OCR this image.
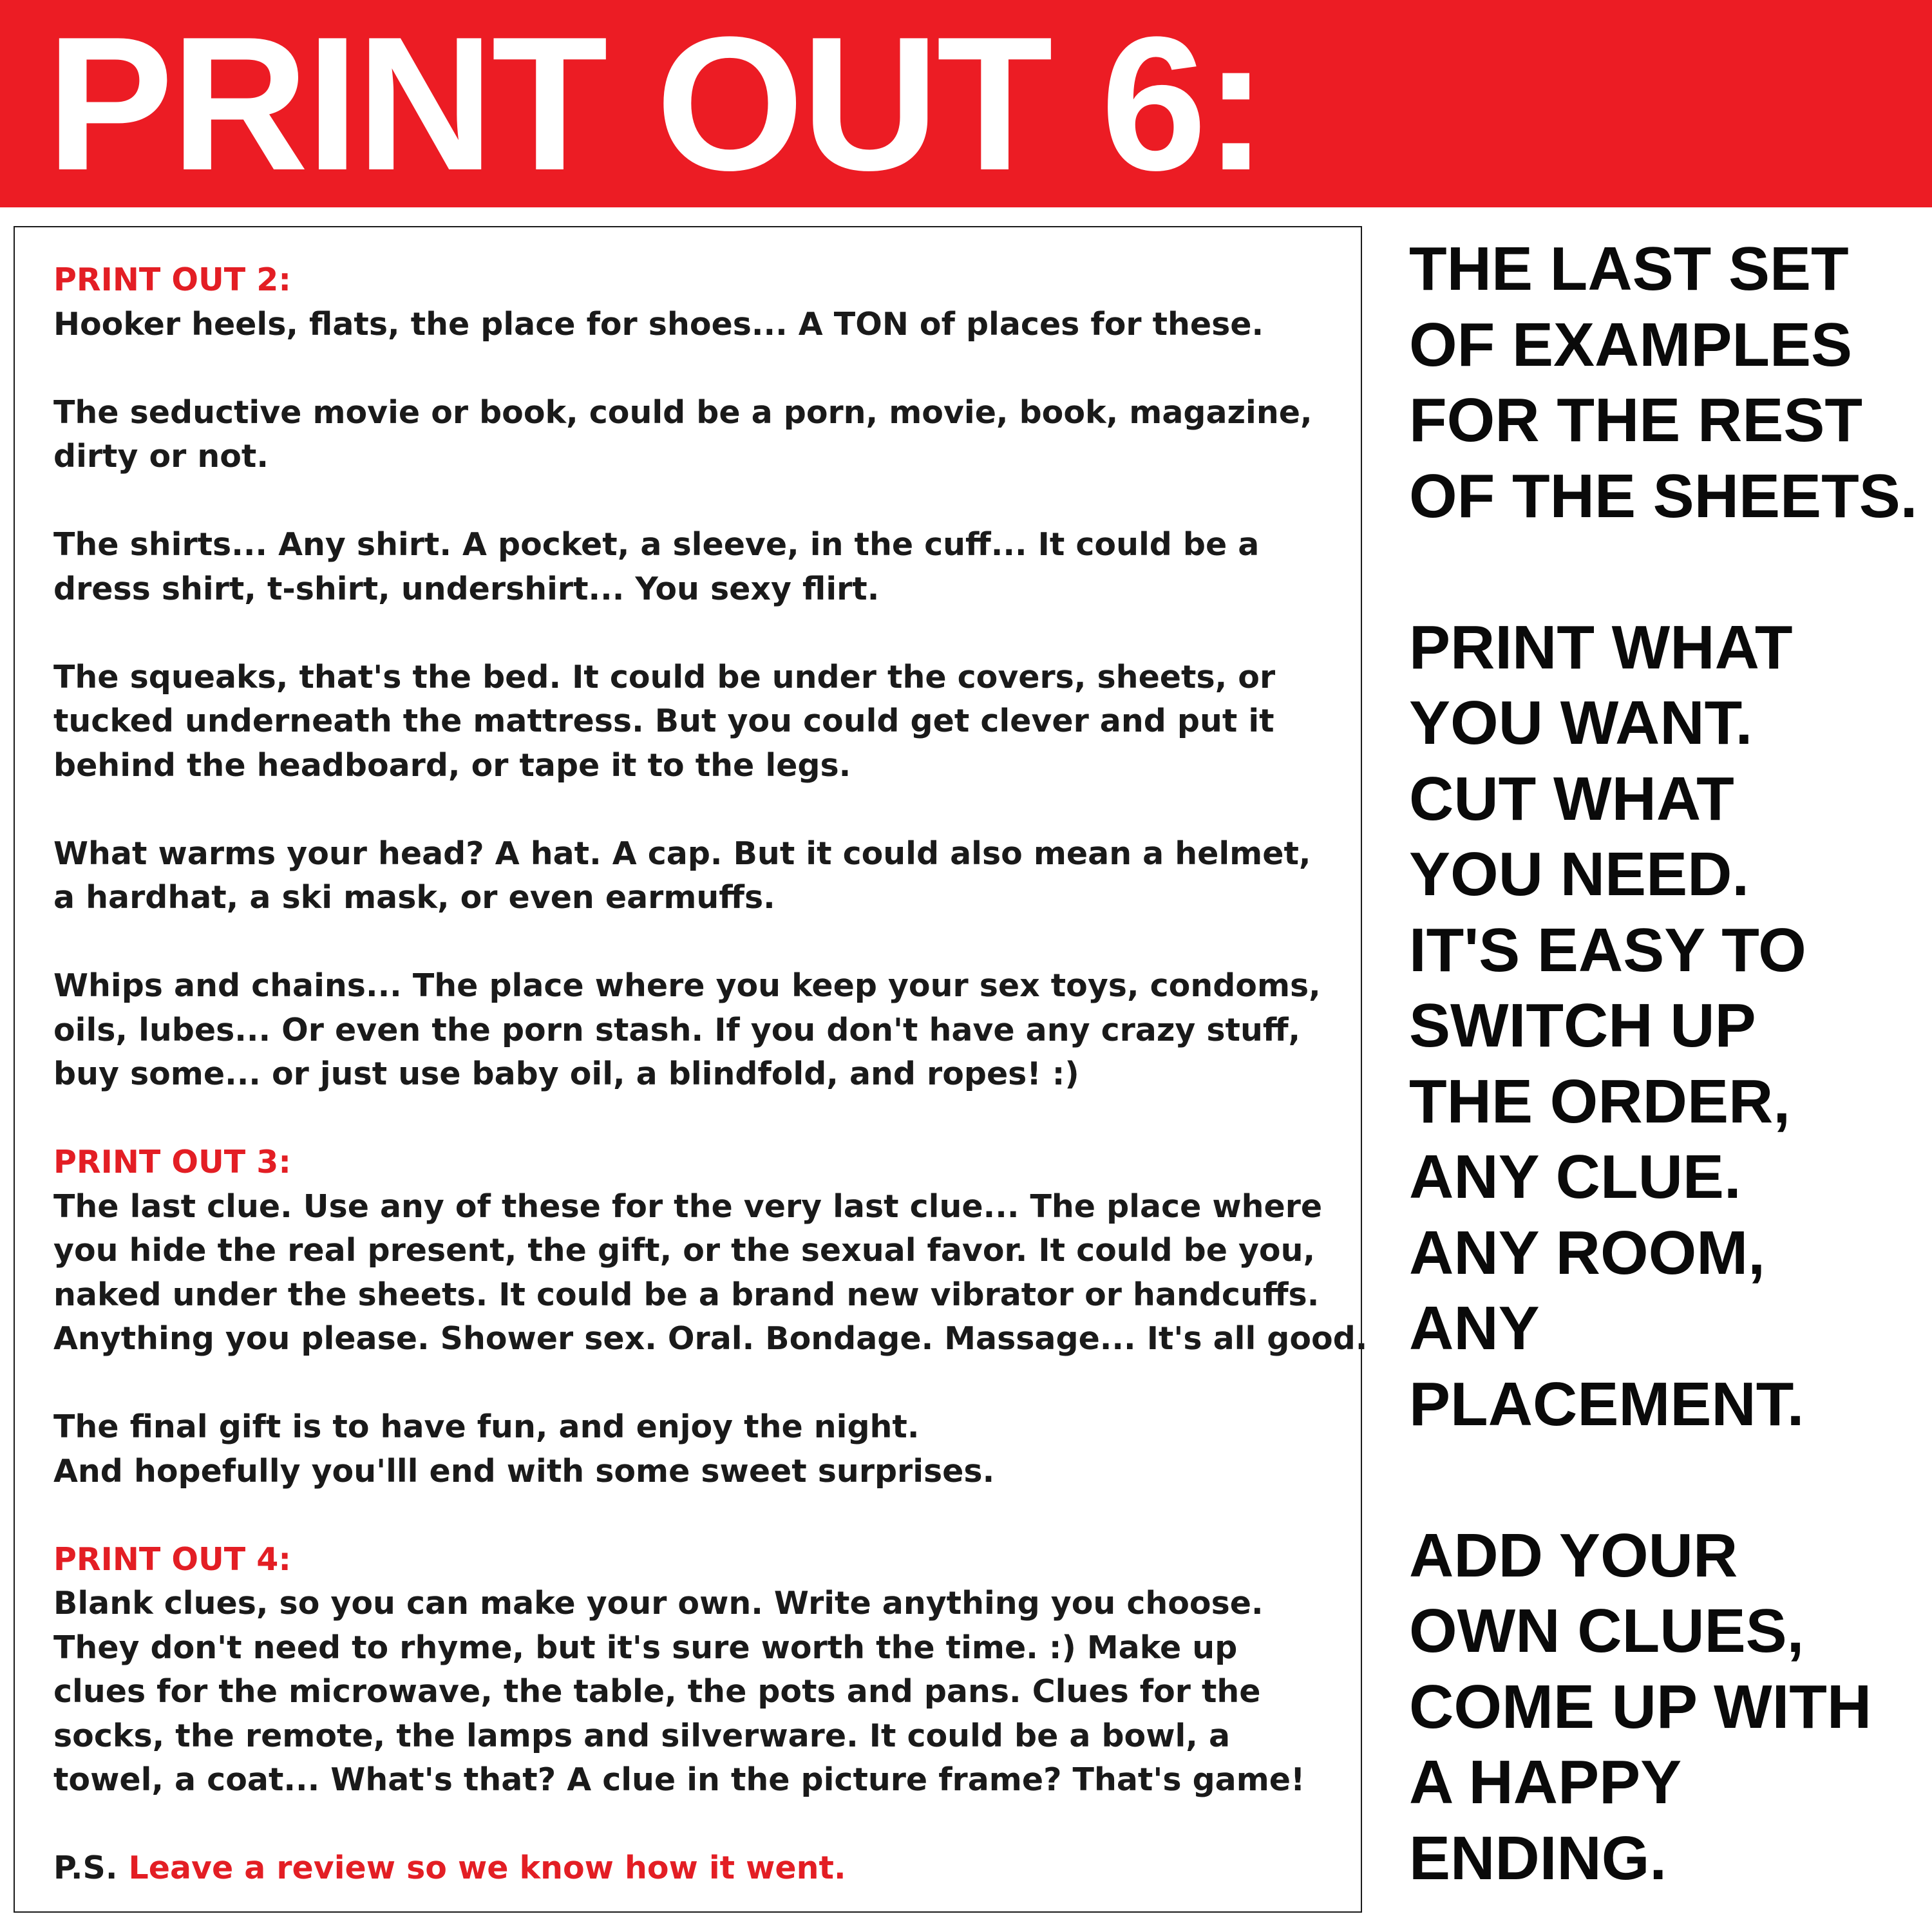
PRINT OUT 6:
PRINT OUT 2:
Hooker heels, flats, the place for shoes... A TON of places for these.
The seductive movie or book, could be a porn, movie, book, magazine,
dirty or not.
The shirts... Any shirt. A pocket, a sleeve, in the cuff... It could be a
dress shirt, t-shirt, undershirt... You sexy flirt.
The squeaks, that's the bed. It could be under the covers, sheets, or
tucked underneath the mattress. But you could get clever and put it
behind the headboard, or tape it to the legs.
What warms your head? A hat. A cap. But it could also mean a helmet,
a hardhat, a ski mask, or even earmuffs.
Whips and chains... The place where you keep your sex toys, condoms,
oils, lubes... Or even the porn stash. If you don't have any crazy stuff,
buy some... or just use baby oil, a blindfold, and ropes! :)
PRINT OUT 3:
The last clue. Use any of these for the very last clue... The place where
you hide the real present, the gift, or the sexual favor. It could be you,
naked under the sheets. It could be a brand new vibrator or handcuffs.
Anything you please. Shower sex. Oral. Bondage. Massage... It's all good.
The final gift is to have fun, and enjoy the night.
And hopefully you'lll end with some sweet surprises.
PRINT OUT 4:
Blank clues, so you can make your own. Write anything you choose.
They don't need to rhyme, but it's sure worth the time. :) Make up
clues for the microwave, the table, the pots and pans. Clues for the
socks, the remote, the lamps and silverware. It could be a bowl, a
towel, a coat... What's that? A clue in the picture frame? That's game!
P.S. Leave a review so we know how it went.
THE LAST SET
OF EXAMPLES
FOR THE REST
OF THE SHEETS.
PRINT WHAT
YOU WANT.
CUT WHAT
YOU NEED.
IT'S EASY TO
SWITCH UP
THE ORDER,
ANY CLUE.
ANY ROOM,
ANY
PLACEMENT.
ADD YOUR
OWN CLUES,
COME UP WITH
A HAPPY
ENDING.
